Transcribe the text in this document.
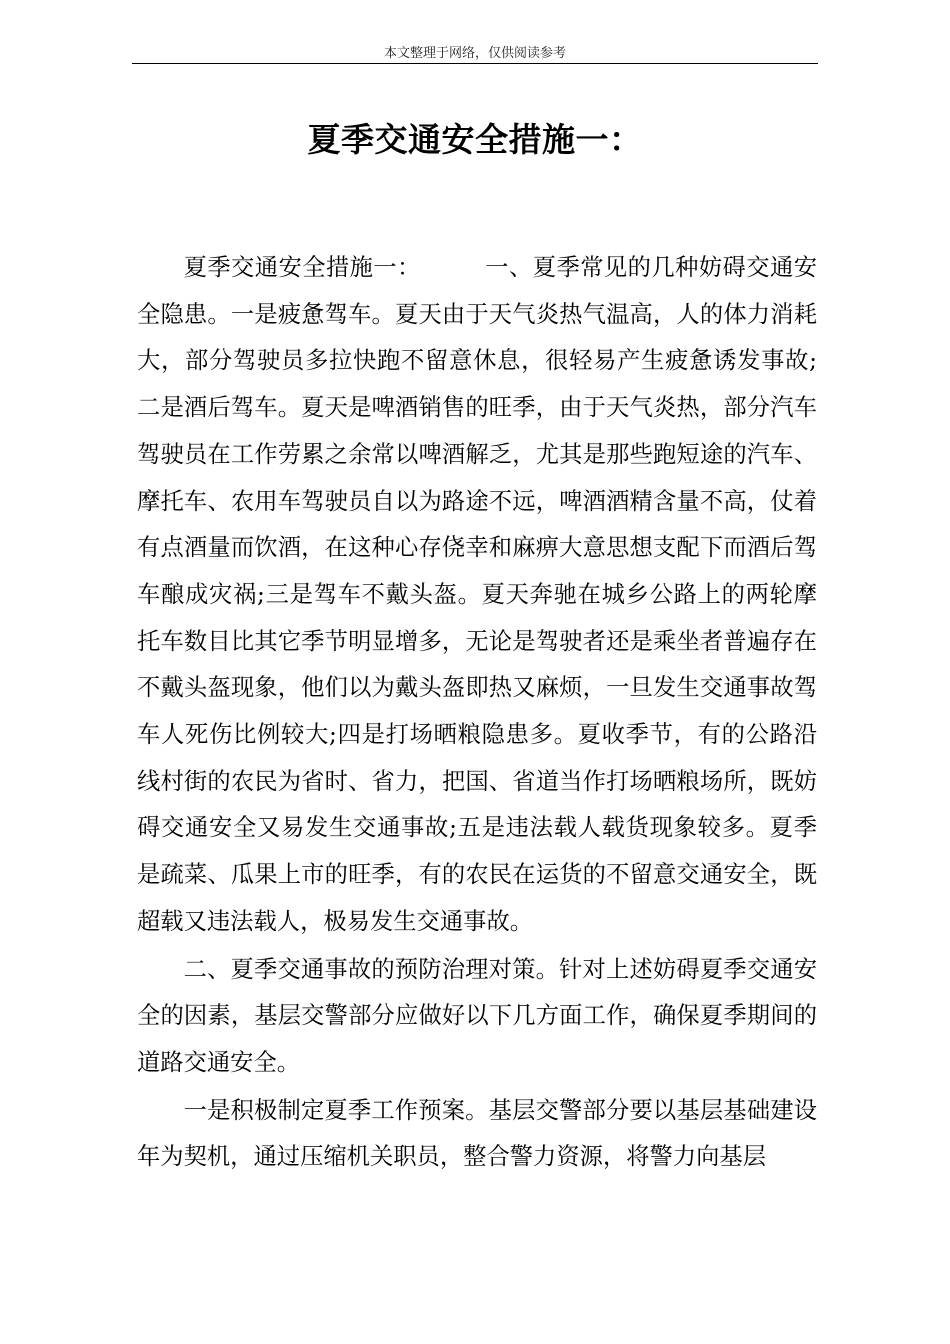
本文整理于网络，仅供阅读参考
夏季交通安全措施一：

夏季交通安全措施一：	一、夏季常见的几种妨碍交通安全隐患。一是疲惫驾车。夏天由于天气炎热气温高，人的体力消耗大，部分驾驶员多拉快跑不留意休息，很轻易产生疲惫诱发事故;二是酒后驾车。夏天是啤酒销售的旺季，由于天气炎热，部分汽车驾驶员在工作劳累之余常以啤酒解乏，尤其是那些跑短途的汽车、摩托车、农用车驾驶员自以为路途不远，啤酒酒精含量不高，仗着有点酒量而饮酒，在这种心存侥幸和麻痹大意思想支配下而酒后驾车酿成灾祸;三是驾车不戴头盔。夏天奔驰在城乡公路上的两轮摩托车数目比其它季节明显增多，无论是驾驶者还是乘坐者普遍存在不戴头盔现象，他们以为戴头盔即热又麻烦，一旦发生交通事故驾车人死伤比例较大;四是打场晒粮隐患多。夏收季节，有的公路沿线村街的农民为省时、省力，把国、省道当作打场晒粮场所，既妨碍交通安全又易发生交通事故;五是违法载人载货现象较多。夏季是疏菜、瓜果上市的旺季，有的农民在运货的不留意交通安全，既超载又违法载人，极易发生交通事故。

二、夏季交通事故的预防治理对策。针对上述妨碍夏季交通安全的因素，基层交警部分应做好以下几方面工作，确保夏季期间的道路交通安全。

一是积极制定夏季工作预案。基层交警部分要以基层基础建设年为契机，通过压缩机关职员，整合警力资源，将警力向基层
